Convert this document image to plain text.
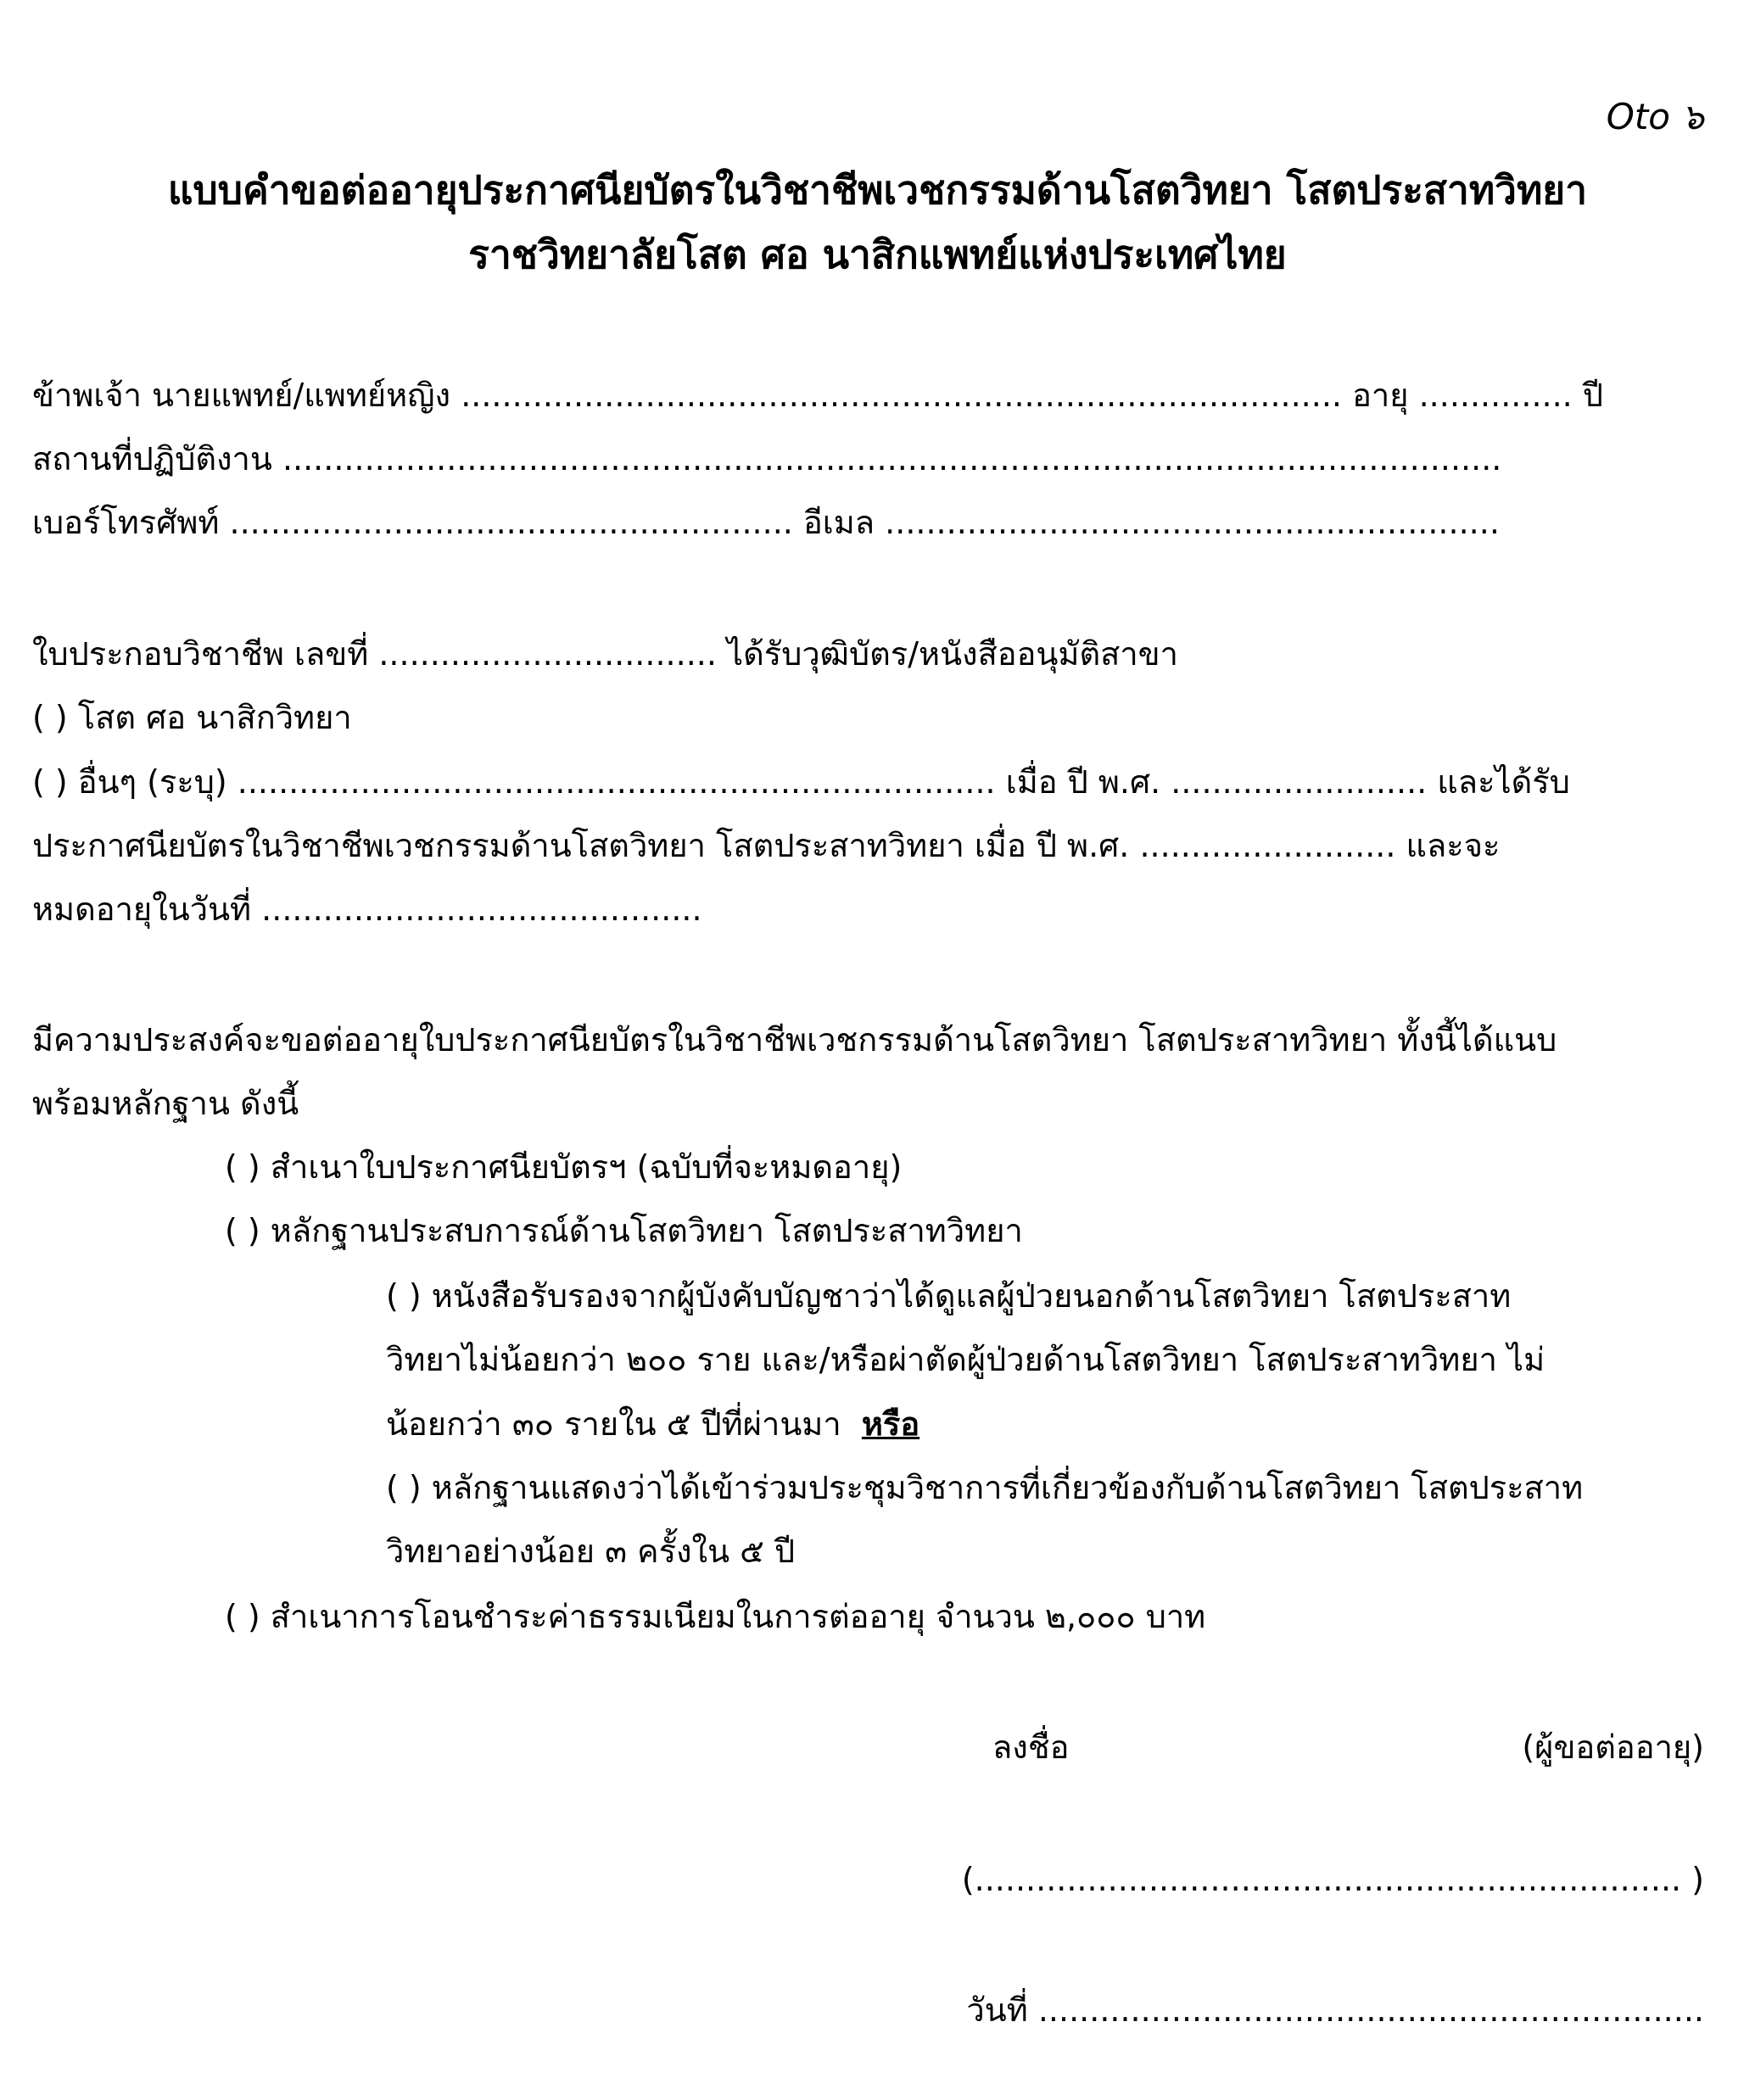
Oto ๖
แบบคำขอต่ออายุประกาศนียบัตรในวิชาชีพเวชกรรมด้านโสตวิทยา โสตประสาทวิทยา
ราชวิทยาลัยโสต ศอ นาสิกแพทย์แห่งประเทศไทย
ข้าพเจ้า นายแพทย์/แพทย์หญิง ...................................................................................... อายุ ............... ปี
สถานที่ปฏิบัติงาน .......................................................................................................................
เบอร์โทรศัพท์ ....................................................... อีเมล ............................................................
ใบประกอบวิชาชีพ เลขที่ ................................. ได้รับวุฒิบัตร/หนังสืออนุมัติสาขา
( ) โสต ศอ นาสิกวิทยา
( ) อื่นๆ (ระบุ) .......................................................................... เมื่อ ปี พ.ศ. ......................... และได้รับ
ประกาศนียบัตรในวิชาชีพเวชกรรมด้านโสตวิทยา โสตประสาทวิทยา เมื่อ ปี พ.ศ. ......................... และจะ
หมดอายุในวันที่ ...........................................
มีความประสงค์จะขอต่ออายุใบประกาศนียบัตรในวิชาชีพเวชกรรมด้านโสตวิทยา โสตประสาทวิทยา ทั้งนี้ได้แนบ
พร้อมหลักฐาน ดังนี้
( ) สำเนาใบประกาศนียบัตรฯ (ฉบับที่จะหมดอายุ)
( ) หลักฐานประสบการณ์ด้านโสตวิทยา โสตประสาทวิทยา
( ) หนังสือรับรองจากผู้บังคับบัญชาว่าได้ดูแลผู้ป่วยนอกด้านโสตวิทยา โสตประสาท
วิทยาไม่น้อยกว่า ๒๐๐ ราย และ/หรือผ่าตัดผู้ป่วยด้านโสตวิทยา โสตประสาทวิทยา ไม่
น้อยกว่า ๓๐ รายใน ๕ ปีที่ผ่านมา หรือ
( ) หลักฐานแสดงว่าได้เข้าร่วมประชุมวิชาการที่เกี่ยวข้องกับด้านโสตวิทยา โสตประสาท
วิทยาอย่างน้อย ๓ ครั้งใน ๕ ปี
( ) สำเนาการโอนชำระค่าธรรมเนียมในการต่ออายุ จำนวน ๒,๐๐๐ บาท
ลงชื่อ	(ผู้ขอต่ออายุ)
(..................................................................... )
วันที่ .................................................................
